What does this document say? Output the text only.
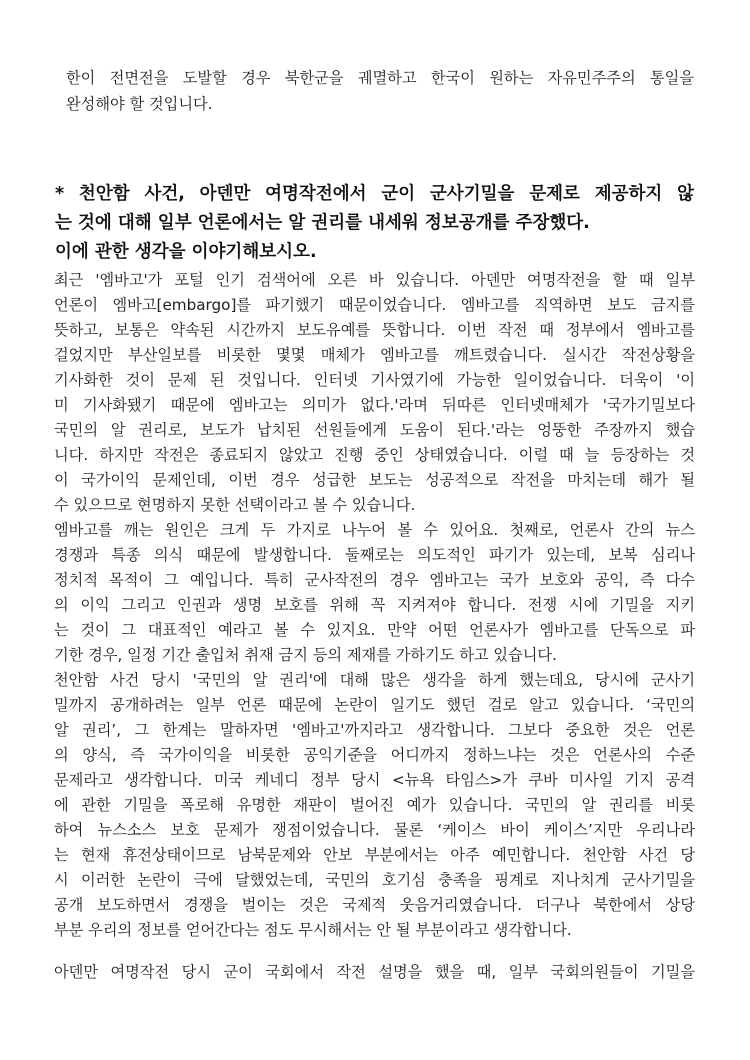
한이 전면전을 도발할 경우 북한군을 궤멸하고 한국이 원하는 자유민주주의 통일을
완성해야 할 것입니다.
* 천안함 사건, 아덴만 여명작전에서 군이 군사기밀을 문제로 제공하지 않
는 것에 대해 일부 언론에서는 알 권리를 내세워 정보공개를 주장했다.
이에 관한 생각을 이야기해보시오.
최근 '엠바고'가 포털 인기 검색어에 오른 바 있습니다. 아덴만 여명작전을 할 때 일부
언론이 엠바고[embargo]를 파기했기 때문이었습니다. 엠바고를 직역하면 보도 금지를
뜻하고, 보통은 약속된 시간까지 보도유예를 뜻합니다. 이번 작전 때 정부에서 엠바고를
걸었지만 부산일보를 비롯한 몇몇 매체가 엠바고를 깨트렸습니다. 실시간 작전상황을
기사화한 것이 문제 된 것입니다. 인터넷 기사였기에 가능한 일이었습니다. 더욱이 '이
미 기사화됐기 때문에 엠바고는 의미가 없다.'라며 뒤따른 인터넷매체가 '국가기밀보다
국민의 알 권리로, 보도가 납치된 선원들에게 도움이 된다.'라는 엉뚱한 주장까지 했습
니다. 하지만 작전은 종료되지 않았고 진행 중인 상태였습니다. 이럴 때 늘 등장하는 것
이 국가이익 문제인데, 이번 경우 성급한 보도는 성공적으로 작전을 마치는데 해가 될
수 있으므로 현명하지 못한 선택이라고 볼 수 있습니다.
엠바고를 깨는 원인은 크게 두 가지로 나누어 볼 수 있어요. 첫째로, 언론사 간의 뉴스
경쟁과 특종 의식 때문에 발생합니다. 둘째로는 의도적인 파기가 있는데, 보복 심리나
정치적 목적이 그 예입니다. 특히 군사작전의 경우 엠바고는 국가 보호와 공익, 즉 다수
의 이익 그리고 인권과 생명 보호를 위해 꼭 지켜져야 합니다. 전쟁 시에 기밀을 지키
는 것이 그 대표적인 예라고 볼 수 있지요. 만약 어떤 언론사가 엠바고를 단독으로 파
기한 경우, 일정 기간 출입처 취재 금지 등의 제재를 가하기도 하고 있습니다.
천안함 사건 당시 '국민의 알 권리'에 대해 많은 생각을 하게 했는데요, 당시에 군사기
밀까지 공개하려는 일부 언론 때문에 논란이 일기도 했던 걸로 알고 있습니다. ‘국민의
알 권리’, 그 한계는 말하자면 '엠바고'까지라고 생각합니다. 그보다 중요한 것은 언론
의 양식, 즉 국가이익을 비롯한 공익기준을 어디까지 정하느냐는 것은 언론사의 수준
문제라고 생각합니다. 미국 케네디 정부 당시 <뉴욕 타임스>가 쿠바 미사일 기지 공격
에 관한 기밀을 폭로해 유명한 재판이 벌어진 예가 있습니다. 국민의 알 권리를 비롯
하여 뉴스소스 보호 문제가 쟁점이었습니다. 물론 ‘케이스 바이 케이스’지만 우리나라
는 현재 휴전상태이므로 남북문제와 안보 부분에서는 아주 예민합니다. 천안함 사건 당
시 이러한 논란이 극에 달했었는데, 국민의 호기심 충족을 핑계로 지나치게 군사기밀을
공개 보도하면서 경쟁을 벌이는 것은 국제적 웃음거리였습니다. 더구나 북한에서 상당
부분 우리의 정보를 얻어간다는 점도 무시해서는 안 될 부분이라고 생각합니다.
아덴만 여명작전 당시 군이 국회에서 작전 설명을 했을 때, 일부 국회의원들이 기밀을
